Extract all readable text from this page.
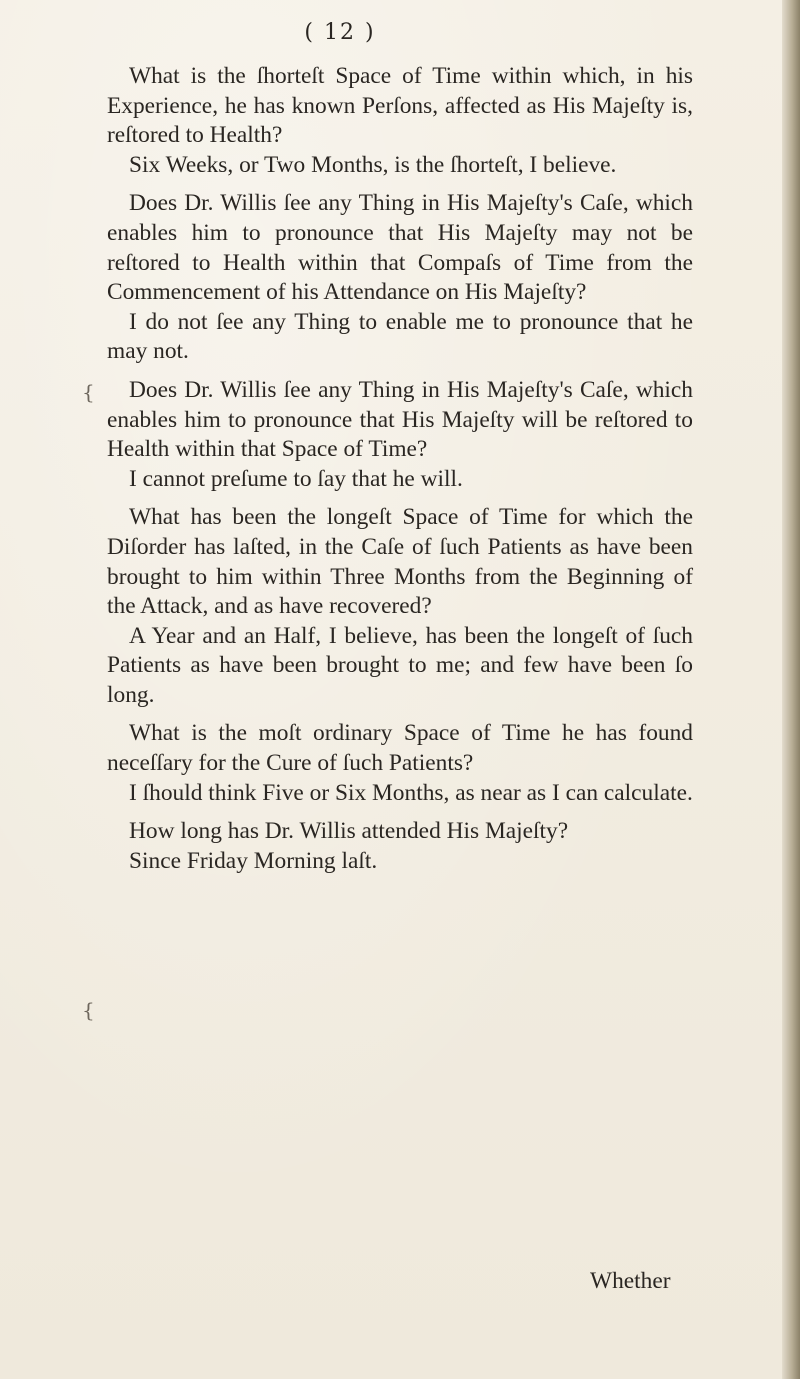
( 12 )

What is the ſhorteſt Space of Time within which, in his Experience, he has known Perſons, affected as His Majeſty is, reſtored to Health?

Six Weeks, or Two Months, is the ſhorteſt, I believe.

Does Dr. Willis ſee any Thing in His Majeſty's Caſe, which enables him to pronounce that His Majeſty may not be reſtored to Health within that Compaſs of Time from the Commencement of his Attendance on His Majeſty?

I do not ſee any Thing to enable me to pronounce that he may not.

Does Dr. Willis ſee any Thing in His Majeſty's Caſe, which enables him to pronounce that His Majeſty will be reſtored to Health within that Space of Time?

I cannot preſume to ſay that he will.

What has been the longeſt Space of Time for which the Diſorder has laſted, in the Caſe of ſuch Patients as have been brought to him within Three Months from the Beginning of the Attack, and as have recovered?

A Year and an Half, I believe, has been the longeſt of ſuch Patients as have been brought to me; and few have been ſo long.

What is the moſt ordinary Space of Time he has found neceſſary for the Cure of ſuch Patients?

I ſhould think Five or Six Months, as near as I can calculate.

How long has Dr. Willis attended His Majeſty?

Since Friday Morning laſt.

Whether
{
{
